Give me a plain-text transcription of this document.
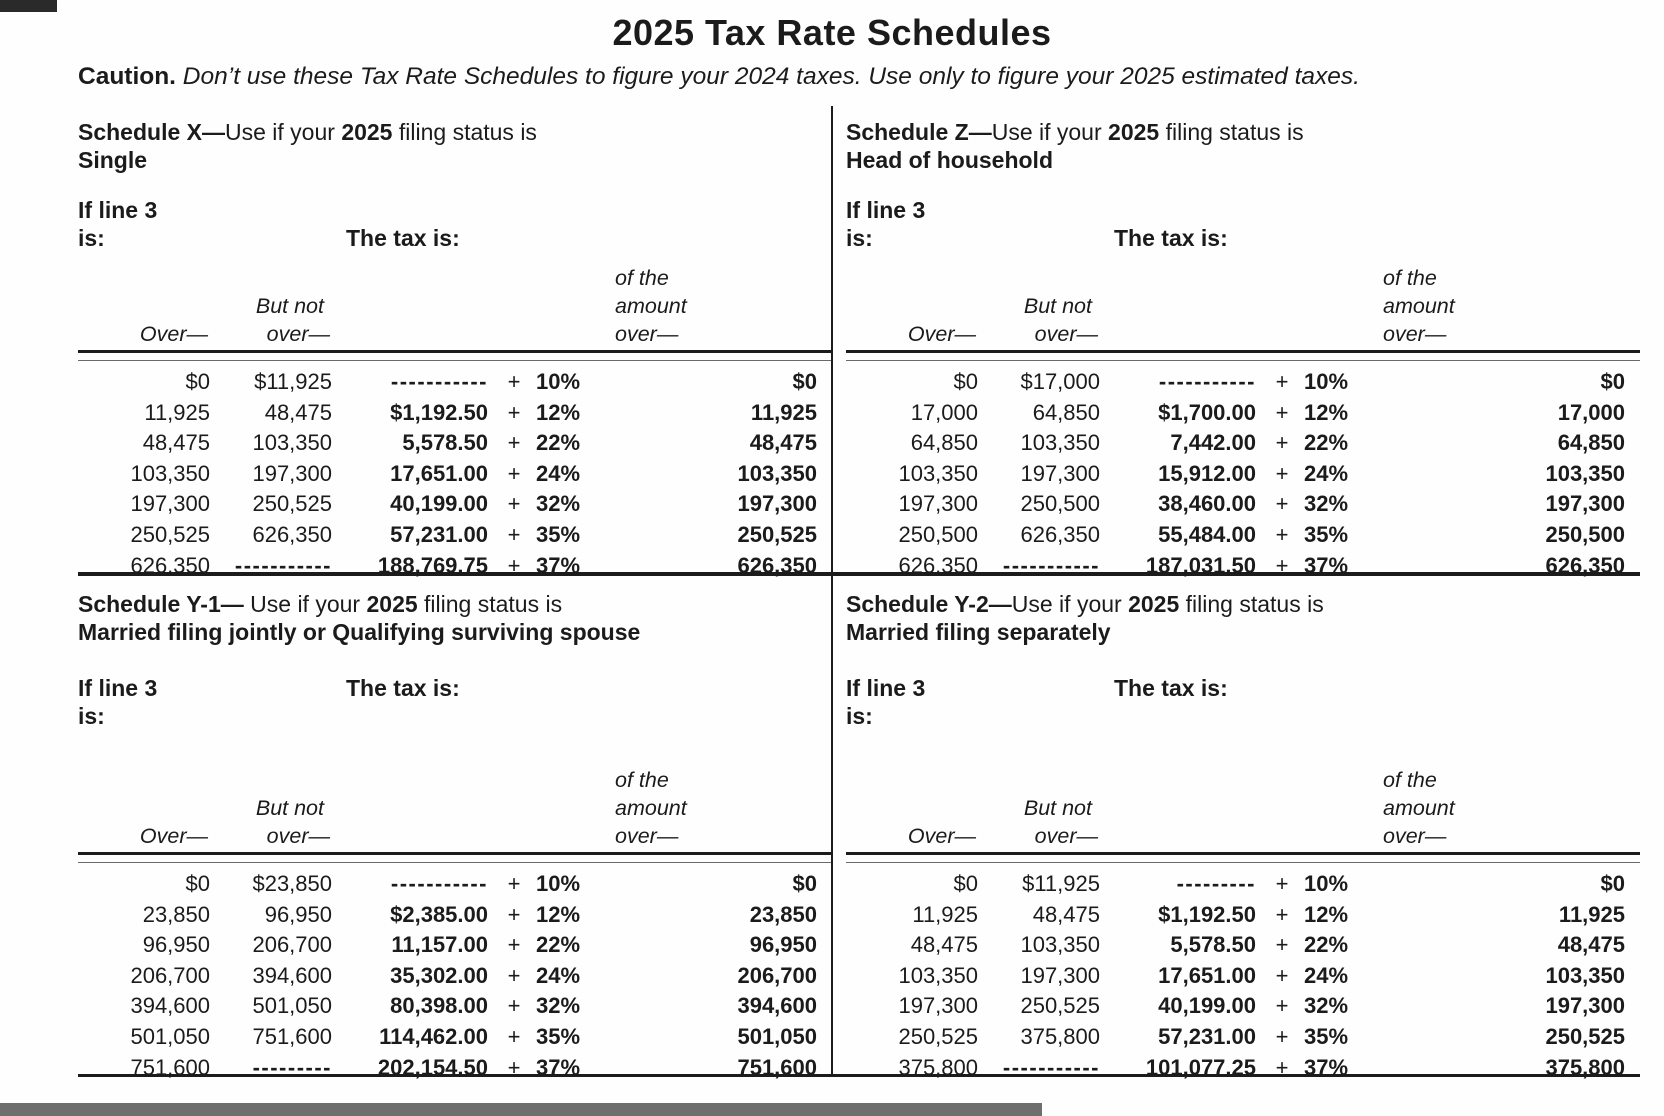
2025 Tax Rate Schedules

Caution. Don’t use these Tax Rate Schedules to figure your 2024 taxes. Use only to figure your 2025 estimated taxes.

Schedule X—Use if your 2025 filing status is
Single
If line 3
is:	The tax is:
of the
But not	amount
Over—	over—	over—
$0	$11,925	----------- + 10%	$0
11,925	48,475	$1,192.50 + 12%	11,925
48,475	103,350	5,578.50 + 22%	48,475
103,350	197,300	17,651.00 + 24%	103,350
197,300	250,525	40,199.00 + 32%	197,300
250,525	626,350	57,231.00 + 35%	250,525
626,350	-----------	188,769.75 + 37%	626,350
Schedule Z—Use if your 2025 filing status is
Head of household
If line 3
is:	The tax is:
of the
But not	amount
Over—	over—	over—
$0	$17,000	----------- + 10%	$0
17,000	64,850	$1,700.00 + 12%	17,000
64,850	103,350	7,442.00 + 22%	64,850
103,350	197,300	15,912.00 + 24%	103,350
197,300	250,500	38,460.00 + 32%	197,300
250,500	626,350	55,484.00 + 35%	250,500
626,350	-----------	187,031.50 + 37%	626,350
Schedule Y-1— Use if your 2025 filing status is
Married filing jointly or Qualifying surviving spouse
If line 3
is:
The tax is:
of the
But not	amount
Over—	over—	over—
$0	$23,850	----------- + 10%	$0
23,850	96,950	$2,385.00 + 12%	23,850
96,950	206,700	11,157.00 + 22%	96,950
206,700	394,600	35,302.00 + 24%	206,700
394,600	501,050	80,398.00 + 32%	394,600
501,050	751,600	114,462.00 + 35%	501,050
751,600	---------	202,154.50 + 37%	751,600
Schedule Y-2—Use if your 2025 filing status is
Married filing separately
If line 3
is:
The tax is:
of the
But not	amount
Over—	over—	over—
$0	$11,925	--------- + 10%	$0
11,925	48,475	$1,192.50 + 12%	11,925
48,475	103,350	5,578.50 + 22%	48,475
103,350	197,300	17,651.00 + 24%	103,350
197,300	250,525	40,199.00 + 32%	197,300
250,525	375,800	57,231.00 + 35%	250,525
375,800	-----------	101,077.25 + 37%	375,800
